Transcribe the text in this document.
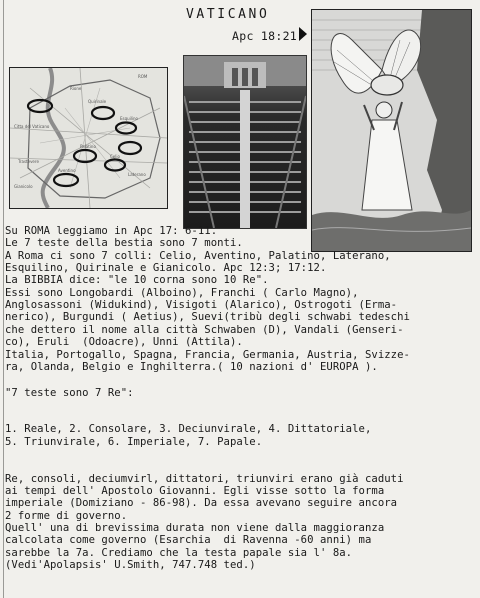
VATICANO
Apc 18:21
ROM
Rione
Citta del Vaticano
Quirinale
Esquilino
Palatino
Celio
Aventino
Trastevere
Laterano
Gianicolo

Su ROMA leggiamo in Apc 17: 6-11.

Le 7 teste della bestia sono 7 monti.

A Roma ci sono 7 colli: Celio, Aventino, Palatino, Laterano,

Esquilino, Quirinale e Gianicolo. Apc 12:3; 17:12.

La BIBBIA dice: "le 10 corna sono 10 Re".

Essi sono Longobardi (Alboino), Franchi ( Carlo Magno),

Anglosassoni (Widukind), Visigoti (Alarico), Ostrogoti (Erma-

nerico), Burgundi ( Aetius), Suevi(tribù degli schwabi tedeschi

che dettero il nome alla città Schwaben (D), Vandali (Genseri-

co), Eruli  (Odoacre), Unni (Attila).

Italia, Portogallo, Spagna, Francia, Germania, Austria, Svizze-

ra, Olanda, Belgio e Inghilterra.( 10 nazioni d' EUROPA ).

"7 teste sono 7 Re":

1. Reale, 2. Consolare, 3. Deciunvirale, 4. Dittatoriale,

5. Triunvirale, 6. Imperiale, 7. Papale.

Re, consoli, deciumvirl, dittatori, triunviri erano già caduti

ai tempi dell' Apostolo Giovanni. Egli visse sotto la forma

imperiale (Domiziano - 86-98). Da essa avevano seguire ancora

2 forme di governo.

Quell' una di brevissima durata non viene dalla maggioranza

calcolata come governo (Esarchia  di Ravenna -60 anni) ma

sarebbe la 7a. Crediamo che la testa papale sia l' 8a.

(Vedi'Apolapsis' U.Smith, 747.748 ted.)
